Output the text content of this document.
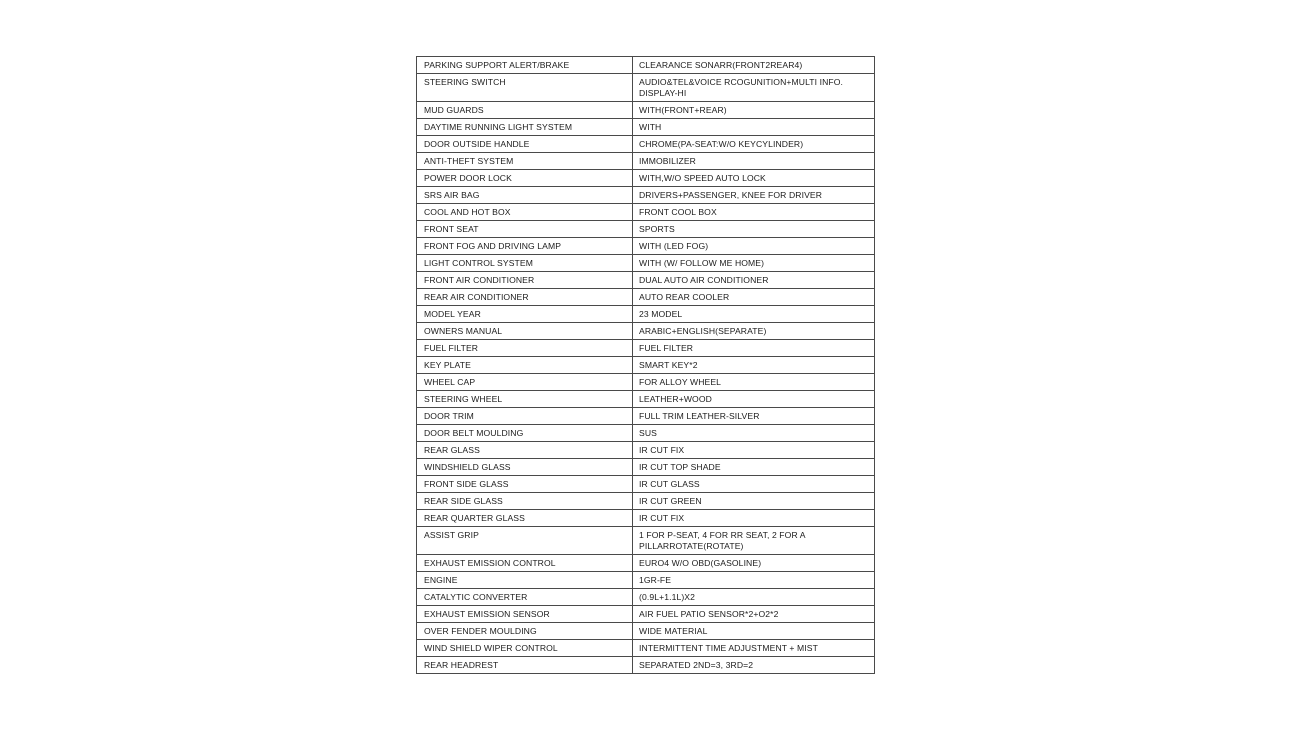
PARKING SUPPORT ALERT/BRAKE	CLEARANCE SONARR(FRONT2REAR4)
STEERING SWITCH	AUDIO&TEL&VOICE RCOGUNITION+MULTI INFO. DISPLAY-HI
MUD GUARDS	WITH(FRONT+REAR)
DAYTIME RUNNING LIGHT SYSTEM	WITH
DOOR OUTSIDE HANDLE	CHROME(PA-SEAT:W/O KEYCYLINDER)
ANTI-THEFT SYSTEM	IMMOBILIZER
POWER DOOR LOCK	WITH,W/O SPEED AUTO LOCK
SRS AIR BAG	DRIVERS+PASSENGER, KNEE FOR DRIVER
COOL AND HOT BOX	FRONT COOL BOX
FRONT SEAT	SPORTS
FRONT FOG AND DRIVING LAMP	WITH (LED FOG)
LIGHT CONTROL SYSTEM	WITH (W/ FOLLOW ME HOME)
FRONT AIR CONDITIONER	DUAL AUTO AIR CONDITIONER
REAR AIR CONDITIONER	AUTO REAR COOLER
MODEL YEAR	23 MODEL
OWNERS MANUAL	ARABIC+ENGLISH(SEPARATE)
FUEL FILTER	FUEL FILTER
KEY PLATE	SMART KEY*2
WHEEL CAP	FOR ALLOY WHEEL
STEERING WHEEL	LEATHER+WOOD
DOOR TRIM	FULL TRIM LEATHER-SILVER
DOOR BELT MOULDING	SUS
REAR GLASS	IR CUT FIX
WINDSHIELD GLASS	IR CUT TOP SHADE
FRONT SIDE GLASS	IR CUT GLASS
REAR SIDE GLASS	IR CUT GREEN
REAR QUARTER GLASS	IR CUT FIX
ASSIST GRIP	1 FOR P-SEAT, 4 FOR RR SEAT, 2 FOR A PILLARROTATE(ROTATE)
EXHAUST EMISSION CONTROL	EURO4 W/O OBD(GASOLINE)
ENGINE	1GR-FE
CATALYTIC CONVERTER	(0.9L+1.1L)X2
EXHAUST EMISSION SENSOR	AIR FUEL PATIO SENSOR*2+O2*2
OVER FENDER MOULDING	WIDE MATERIAL
WIND SHIELD WIPER CONTROL	INTERMITTENT TIME ADJUSTMENT + MIST
REAR HEADREST	SEPARATED 2ND=3, 3RD=2
